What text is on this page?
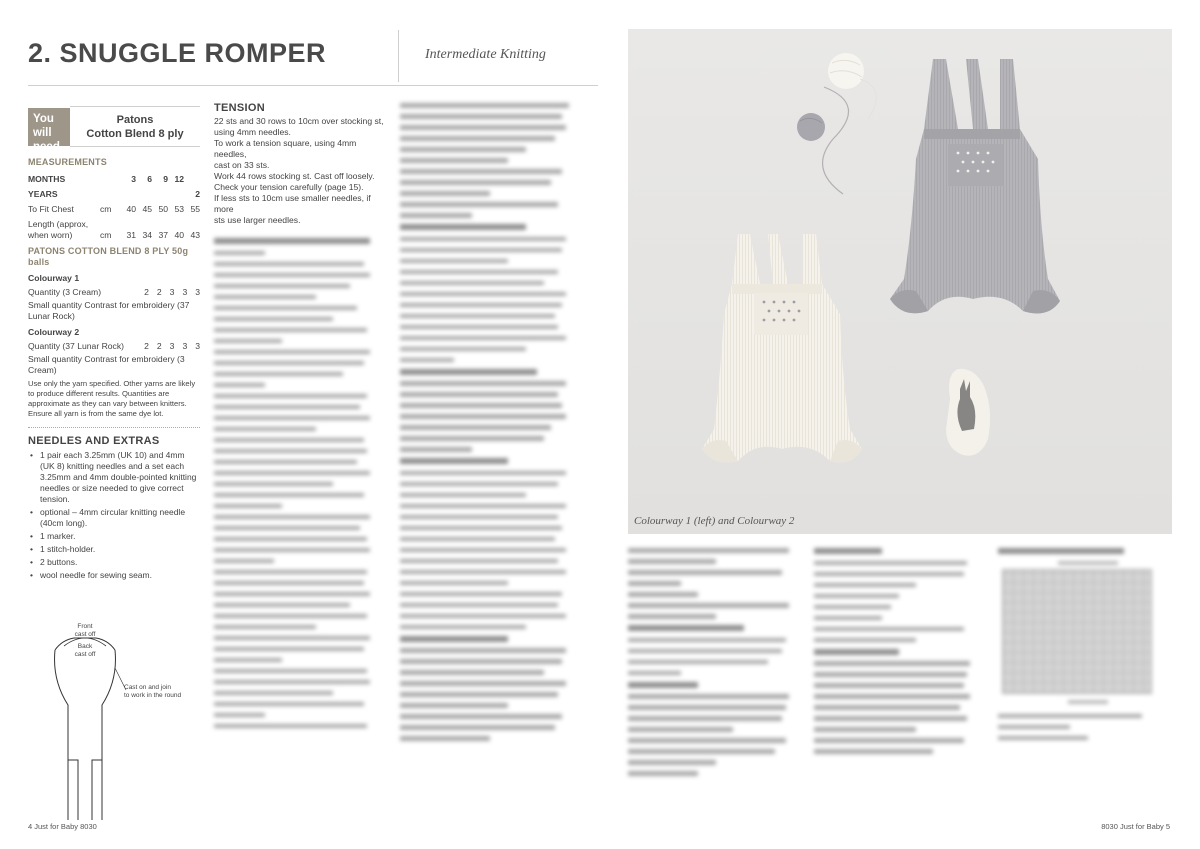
2. SNUGGLE ROMPER	Intermediate Knitting
You will
need
Patons
Cotton Blend 8 ply
MEASUREMENTS
MONTHS		3	6	9	12	
YEARS						2
To Fit Chest	cm	40	45	50	53	55

Length (approx,
when worn)	cm	31	34	37	40	43
PATONS COTTON BLEND 8 PLY 50g balls
Colourway 1
Quantity (3 Cream)	2 2 3 3 3
Small quantity Contrast for embroidery (37 Lunar Rock)
Colourway 2
Quantity (37 Lunar Rock) 2 2 3 3 3
Small quantity Contrast for embroidery (3 Cream)
Use only the yarn specified. Other yarns are likely to produce different results. Quantities are approximate as they can vary between knitters. Ensure all yarn is from the same dye lot.
NEEDLES AND EXTRAS
• 1 pair each 3.25mm (UK 10) and 4mm (UK 8) knitting needles and a set each 3.25mm and 4mm double-pointed knitting needles or size needed to give correct tension.
• optional – 4mm circular knitting needle (40cm long).
• 1 marker.
• 1 stitch-holder.
• 2 buttons.
• wool needle for sewing seam.
Front
cast off
Back
cast off
Cast on and join
to work in the round
TENSION
22 sts and 30 rows to 10cm over stocking st,
using 4mm needles.
To work a tension square, using 4mm needles,
cast on 33 sts.
Work 44 rows stocking st. Cast off loosely.
Check your tension carefully (page 15).
If less sts to 10cm use smaller needles, if more
sts use larger needles.
Colourway 1 (left) and Colourway 2
4 Just for Baby 8030	8030 Just for Baby 5
